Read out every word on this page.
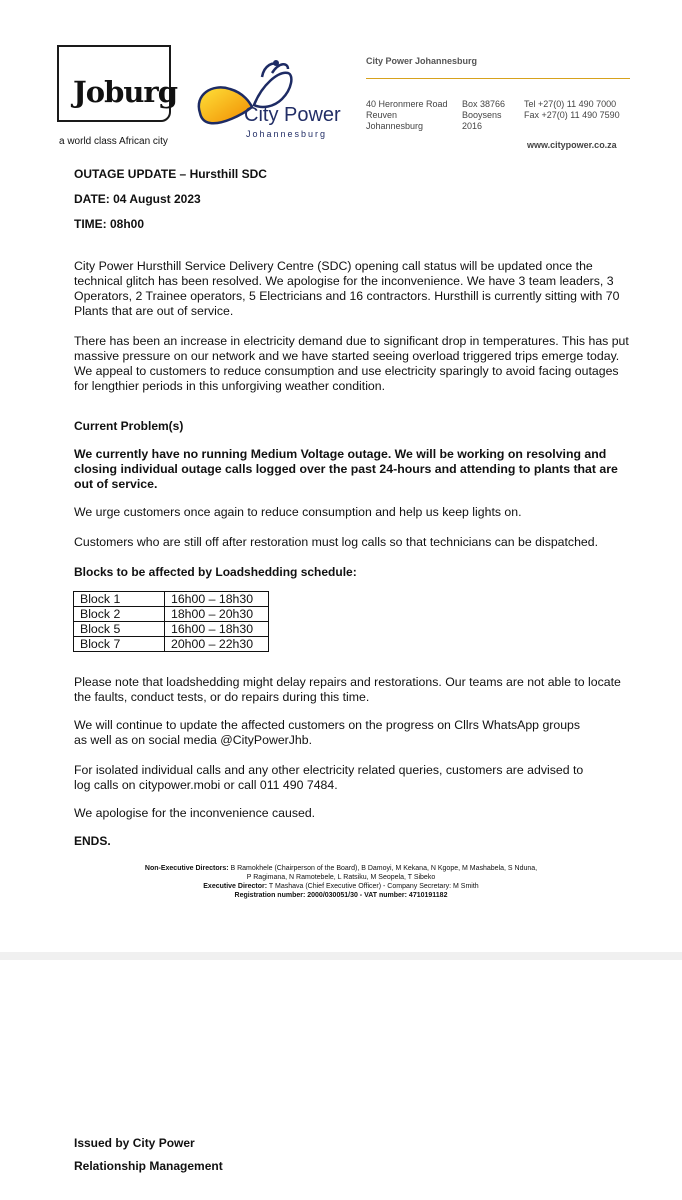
Joburg
a world class African city
City Power
Johannesburg
City Power Johannesburg
40 Heronmere Road
Reuven
Johannesburg
Box 38766
Booysens
2016
Tel +27(0) 11 490 7000
Fax +27(0) 11 490 7590
www.citypower.co.za
OUTAGE UPDATE – Hursthill SDC
DATE: 04 August 2023
TIME: 08h00
City Power Hursthill Service Delivery Centre (SDC) opening call status will be updated once the technical glitch has been resolved. We apologise for the inconvenience. We have 3 team leaders, 3 Operators, 2 Trainee operators, 5 Electricians and 16 contractors. Hursthill is currently sitting with 70 Plants that are out of service.
There has been an increase in electricity demand due to significant drop in temperatures. This has put massive pressure on our network and we have started seeing overload triggered trips emerge today. We appeal to customers to reduce consumption and use electricity sparingly to avoid facing outages for lengthier periods in this unforgiving weather condition.
Current Problem(s)
We currently have no running Medium Voltage outage. We will be working on resolving and closing individual outage calls logged over the past 24-hours and attending to plants that are out of service.
We urge customers once again to reduce consumption and help us keep lights on.
Customers who are still off after restoration must log calls so that technicians can be dispatched.
Blocks to be affected by Loadshedding schedule:
Block 1	16h00 – 18h30
Block 2	18h00 – 20h30
Block 5	16h00 – 18h30
Block 7	20h00 – 22h30
Please note that loadshedding might delay repairs and restorations. Our teams are not able to locate the faults, conduct tests, or do repairs during this time.
We will continue to update the affected customers on the progress on Cllrs WhatsApp groups
as well as on social media @CityPowerJhb.
For isolated individual calls and any other electricity related queries, customers are advised to
log calls on citypower.mobi or call 011 490 7484.
We apologise for the inconvenience caused.
ENDS.
Non-Executive Directors: B Ramokhele (Chairperson of the Board), B Damoyi, M Kekana, N Kgope, M Mashabela, S Nduna,
P Ragimana, N Ramotebele, L Ratsiku, M Seopela, T Sibeko
Executive Director: T Mashava (Chief Executive Officer) - Company Secretary: M Smith
Registration number: 2000/030051/30 - VAT number: 4710191182
Issued by City Power
Relationship Management
